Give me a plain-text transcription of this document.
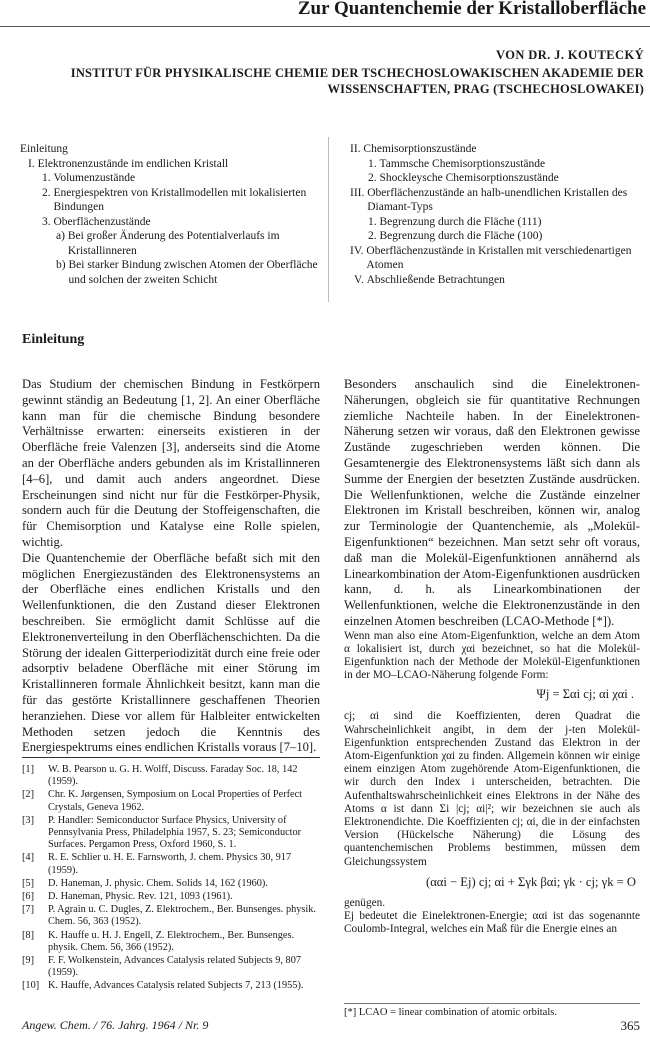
Zur Quantenchemie der Kristalloberfläche
VON DR. J. KOUTECKÝ
INSTITUT FÜR PHYSIKALISCHE CHEMIE DER TSCHECHOSLOWAKISCHEN AKADEMIE DER WISSENSCHAFTEN, PRAG (TSCHECHOSLOWAKEI)
Einleitung
I. Elektronenzustände im endlichen Kristall
1. Volumenzustände
2. Energiespektren von Kristallmodellen mit lokalisierten Bindungen
3. Oberflächenzustände
a) Bei großer Änderung des Potentialverlaufs im Kristallinneren
b) Bei starker Bindung zwischen Atomen der Oberfläche und solchen der zweiten Schicht
II. Chemisorptionszustände
1. Tammsche Chemisorptionszustände
2. Shockleysche Chemisorptionszustände
III. Oberflächenzustände an halb-unendlichen Kristallen des Diamant-Typs
1. Begrenzung durch die Fläche (111)
2. Begrenzung durch die Fläche (100)
IV. Oberflächenzustände in Kristallen mit verschiedenartigen Atomen
V. Abschließende Betrachtungen
Einleitung

Das Studium der chemischen Bindung in Festkörpern gewinnt ständig an Bedeutung [1, 2]. An einer Oberfläche kann man für die chemische Bindung besondere Verhältnisse erwarten: einerseits existieren in der Oberfläche freie Valenzen [3], anderseits sind die Atome an der Oberfläche anders gebunden als im Kristallinneren [4–6], und damit auch anders angeordnet. Diese Erscheinungen sind nicht nur für die Festkörper-Physik, sondern auch für die Deutung der Stoffeigenschaften, die für Chemisorption und Katalyse eine Rolle spielen, wichtig.

Die Quantenchemie der Oberfläche befaßt sich mit den möglichen Energiezuständen des Elektronensystems an der Oberfläche eines endlichen Kristalls und den Wellenfunktionen, die den Zustand dieser Elektronen beschreiben. Sie ermöglicht damit Schlüsse auf die Elektronenverteilung in den Oberflächenschichten. Da die Störung der idealen Gitterperiodizität durch eine freie oder adsorptiv beladene Oberfläche mit einer Störung im Kristallinneren formale Ähnlichkeit besitzt, kann man die für das gestörte Kristallinnere geschaffenen Theorien heranziehen. Diese vor allem für Halbleiter entwickelten Methoden setzen jedoch die Kenntnis des Energiespektrums eines endlichen Kristalls voraus [7–10].

[1]	W. B. Pearson u. G. H. Wolff, Discuss. Faraday Soc. 18, 142 (1959).
[2]	Chr. K. Jørgensen, Symposium on Local Properties of Perfect Crystals, Geneva 1962.
[3]	P. Handler: Semiconductor Surface Physics, University of Pennsylvania Press, Philadelphia 1957, S. 23; Semiconductor Surfaces. Pergamon Press, Oxford 1960, S. 1.
[4]	R. E. Schlier u. H. E. Farnsworth, J. chem. Physics 30, 917 (1959).
[5]	D. Haneman, J. physic. Chem. Solids 14, 162 (1960).
[6]	D. Haneman, Physic. Rev. 121, 1093 (1961).
[7]	P. Agrain u. C. Dugles, Z. Elektrochem., Ber. Bunsenges. physik. Chem. 56, 363 (1952).
[8]	K. Hauffe u. H. J. Engell, Z. Elektrochem., Ber. Bunsenges. physik. Chem. 56, 366 (1952).
[9]	F. F. Wolkenstein, Advances Catalysis related Subjects 9, 807 (1959).
[10] K. Hauffe, Advances Catalysis related Subjects 7, 213 (1955).

Besonders anschaulich sind die Einelektronen-Näherungen, obgleich sie für quantitative Rechnungen ziemliche Nachteile haben. In der Einelektronen-Näherung setzen wir voraus, daß den Elektronen gewisse Zustände zugeschrieben werden können. Die Gesamtenergie des Elektronensystems läßt sich dann als Summe der Energien der besetzten Zustände ausdrücken. Die Wellenfunktionen, welche die Zustände einzelner Elektronen im Kristall beschreiben, können wir, analog zur Terminologie der Quantenchemie, als „Molekül-Eigenfunktionen“ bezeichnen. Man setzt sehr oft voraus, daß man die Molekül-Eigenfunktionen annähernd als Linearkombination der Atom-Eigenfunktionen ausdrücken kann, d. h. als Linearkombinationen der Wellenfunktionen, welche die Elektronenzustände in den einzelnen Atomen beschreiben (LCAO-Methode [*]).

Wenn man also eine Atom-Eigenfunktion, welche an dem Atom α lokalisiert ist, durch χαi bezeichnet, so hat die Molekül-Eigenfunktion nach der Methode der Molekül-Eigenfunktionen in der MO–LCAO-Näherung folgende Form:

Ψj = Σαi cj; αi χαi .

cj; αi sind die Koeffizienten, deren Quadrat die Wahrscheinlichkeit angibt, in dem der j-ten Molekül-Eigenfunktion entsprechenden Zustand das Elektron in der Atom-Eigenfunktion χαi zu finden. Allgemein können wir einige einem einzigen Atom zugehörende Atom-Eigenfunktionen, die wir durch den Index i unterscheiden, betrachten. Die Aufenthaltswahrscheinlichkeit eines Elektrons in der Nähe des Atoms α ist dann Σi |cj; αi|²; wir bezeichnen sie auch als Elektronendichte. Die Koeffizienten cj; αi, die in der einfachsten Version (Hückelsche Näherung) die Lösung des quantenchemischen Problems bestimmen, müssen dem Gleichungssystem

(ααi − Ej) cj; αi + Σγk βαi; γk · cj; γk = O

genügen.

Ej bedeutet die Einelektronen-Energie; ααi ist das sogenannte Coulomb-Integral, welches ein Maß für die Energie eines an

[*] LCAO = linear combination of atomic orbitals.
Angew. Chem. / 76. Jahrg. 1964 / Nr. 9	365
